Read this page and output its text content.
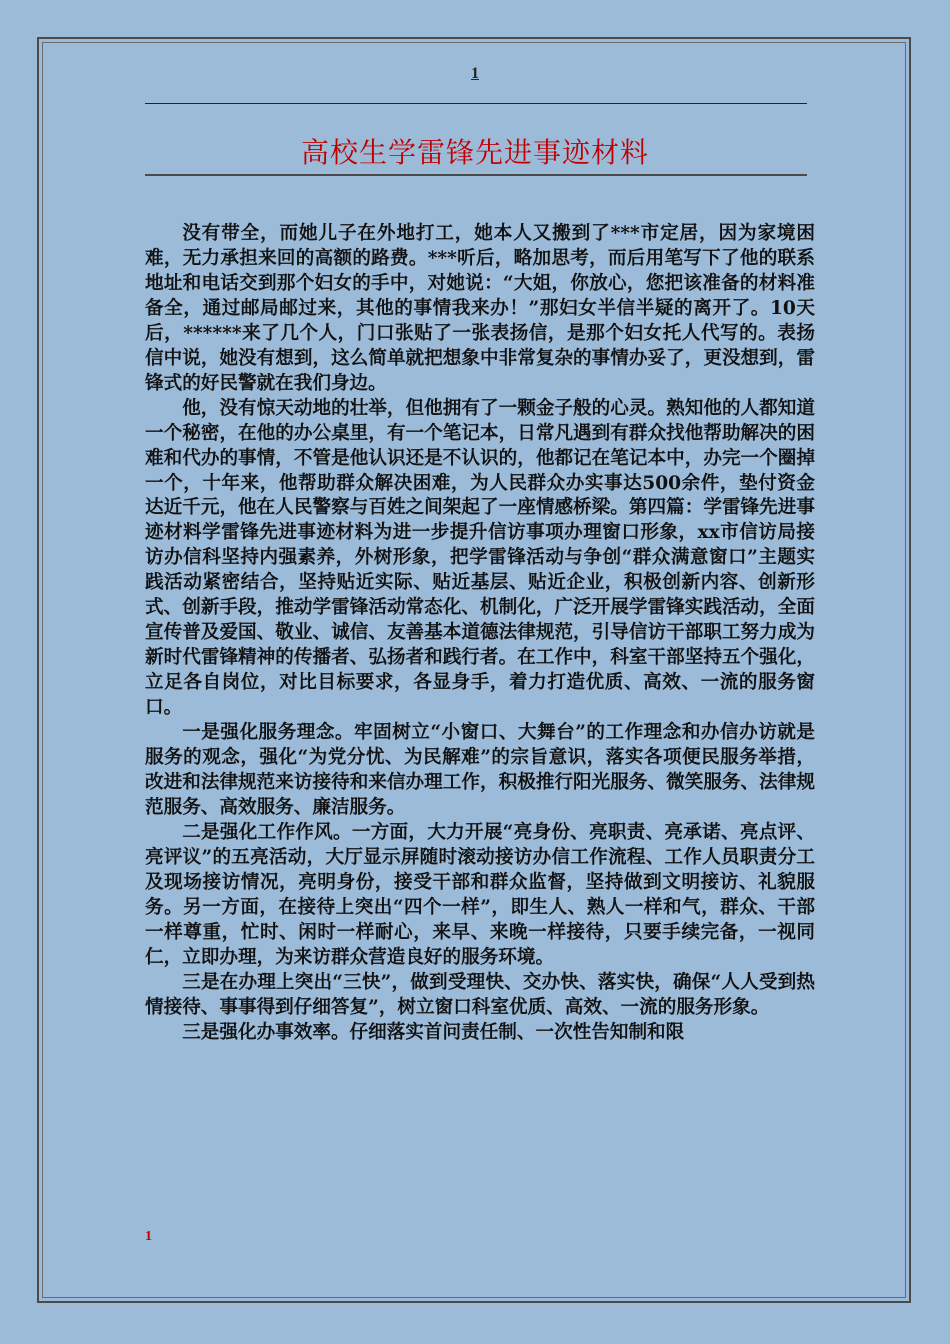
1
高校生学雷锋先进事迹材料

没有带全，而她儿子在外地打工，她本人又搬到了***市定居，因为家境困难，无力承担来回的高额的路费。***听后，略加思考，而后用笔写下了他的联系地址和电话交到那个妇女的手中，对她说：“大姐，你放心，您把该准备的材料准备全，通过邮局邮过来，其他的事情我来办！”那妇女半信半疑的离开了。10天后，******来了几个人，门口张贴了一张表扬信，是那个妇女托人代写的。表扬信中说，她没有想到，这么简单就把想象中非常复杂的事情办妥了，更没想到，雷锋式的好民警就在我们身边。

他，没有惊天动地的壮举，但他拥有了一颗金子般的心灵。熟知他的人都知道一个秘密，在他的办公桌里，有一个笔记本，日常凡遇到有群众找他帮助解决的困难和代办的事情，不管是他认识还是不认识的，他都记在笔记本中，办完一个圈掉一个，十年来，他帮助群众解决困难，为人民群众办实事达500余件，垫付资金达近千元，他在人民警察与百姓之间架起了一座情感桥梁。第四篇：学雷锋先进事迹材料学雷锋先进事迹材料为进一步提升信访事项办理窗口形象，xx市信访局接访办信科坚持内强素养，外树形象，把学雷锋活动与争创“群众满意窗口”主题实践活动紧密结合，坚持贴近实际、贴近基层、贴近企业，积极创新内容、创新形式、创新手段，推动学雷锋活动常态化、机制化，广泛开展学雷锋实践活动，全面宣传普及爱国、敬业、诚信、友善基本道德法律规范，引导信访干部职工努力成为新时代雷锋精神的传播者、弘扬者和践行者。在工作中，科室干部坚持五个强化，立足各自岗位，对比目标要求，各显身手，着力打造优质、高效、一流的服务窗口。

一是强化服务理念。牢固树立“小窗口、大舞台”的工作理念和办信办访就是服务的观念，强化“为党分忧、为民解难”的宗旨意识，落实各项便民服务举措，改进和法律规范来访接待和来信办理工作，积极推行阳光服务、微笑服务、法律规范服务、高效服务、廉洁服务。

二是强化工作作风。一方面，大力开展“亮身份、亮职责、亮承诺、亮点评、亮评议”的五亮活动，大厅显示屏随时滚动接访办信工作流程、工作人员职责分工及现场接访情况，亮明身份，接受干部和群众监督，坚持做到文明接访、礼貌服务。另一方面，在接待上突出“四个一样”，即生人、熟人一样和气，群众、干部一样尊重，忙时、闲时一样耐心，来早、来晚一样接待，只要手续完备，一视同仁，立即办理，为来访群众营造良好的服务环境。

三是在办理上突出“三快”，做到受理快、交办快、落实快，确保“人人受到热情接待、事事得到仔细答复”，树立窗口科室优质、高效、一流的服务形象。

三是强化办事效率。仔细落实首问责任制、一次性告知制和限

1
